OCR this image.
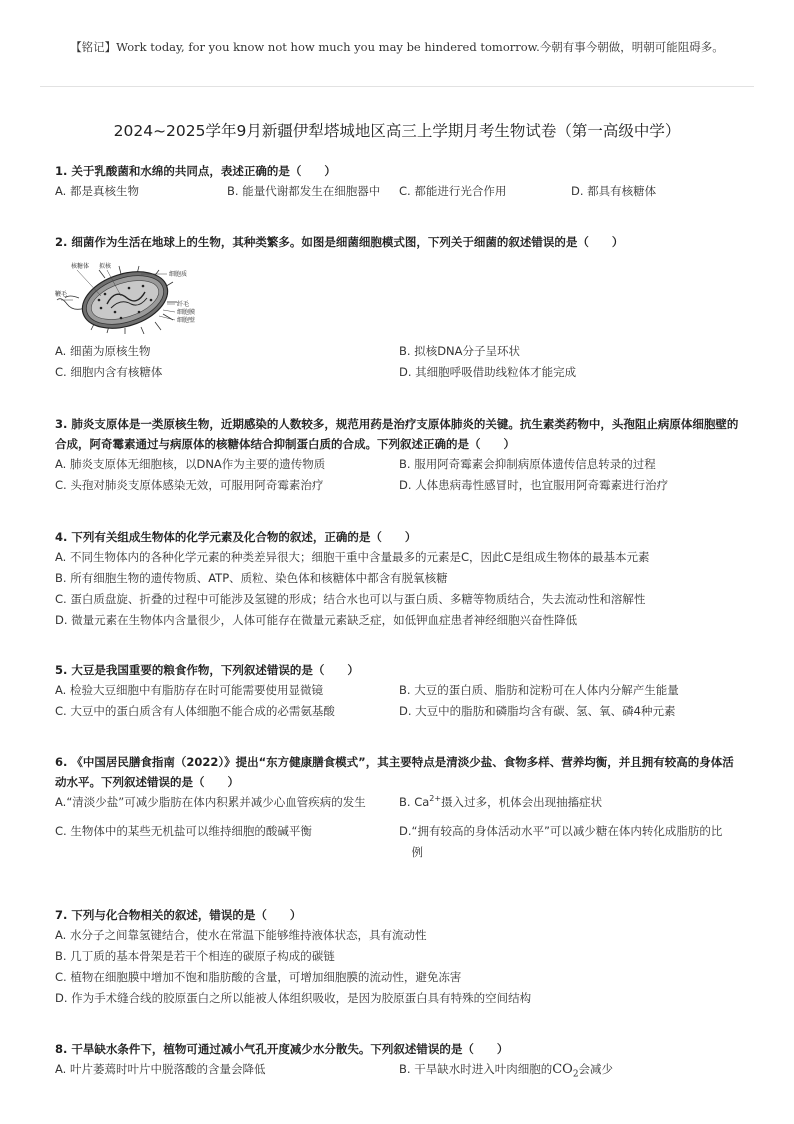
【铭记】Work today, for you know not how much you may be hindered tomorrow.今朝有事今朝做，明朝可能阻碍多。
2024~2025学年9月新疆伊犁塔城地区高三上学期月考生物试卷（第一高级中学）
1. 关于乳酸菌和水绵的共同点，表述正确的是（　　）
A. 都是真核生物	B. 能量代谢都发生在细胞器中	C. 都能进行光合作用	D. 都具有核糖体
2. 细菌作为生活在地球上的生物，其种类繁多。如图是细菌细胞模式图，下列关于细菌的叙述错误的是（　　）
核糖体 拟核
细胞质
鞭毛
纤毛
细胞膜
细胞壁
A. 细菌为原核生物	B. 拟核DNA分子呈环状
C. 细胞内含有核糖体	D. 其细胞呼吸借助线粒体才能完成
3. 肺炎支原体是一类原核生物，近期感染的人数较多，规范用药是治疗支原体肺炎的关键。抗生素类药物中，头孢阻止病原体细胞壁的合成，阿奇霉素通过与病原体的核糖体结合抑制蛋白质的合成。下列叙述正确的是（　　）
A. 肺炎支原体无细胞核，以DNA作为主要的遗传物质	B. 服用阿奇霉素会抑制病原体遗传信息转录的过程
C. 头孢对肺炎支原体感染无效，可服用阿奇霉素治疗	D. 人体患病毒性感冒时，也宜服用阿奇霉素进行治疗
4. 下列有关组成生物体的化学元素及化合物的叙述，正确的是（　　）
A. 不同生物体内的各种化学元素的种类差异很大；细胞干重中含量最多的元素是C，因此C是组成生物体的最基本元素
B. 所有细胞生物的遗传物质、ATP、质粒、染色体和核糖体中都含有脱氧核糖
C. 蛋白质盘旋、折叠的过程中可能涉及氢键的形成；结合水也可以与蛋白质、多糖等物质结合，失去流动性和溶解性
D. 微量元素在生物体内含量很少，人体可能存在微量元素缺乏症，如低钾血症患者神经细胞兴奋性降低
5. 大豆是我国重要的粮食作物，下列叙述错误的是（　　）
A. 检验大豆细胞中有脂肪存在时可能需要使用显微镜	B. 大豆的蛋白质、脂肪和淀粉可在人体内分解产生能量
C. 大豆中的蛋白质含有人体细胞不能合成的必需氨基酸	D. 大豆中的脂肪和磷脂均含有碳、氢、氧、磷4种元素
6. 《中国居民膳食指南（2022）》提出“东方健康膳食模式”，其主要特点是清淡少盐、食物多样、营养均衡，并且拥有较高的身体活动水平。下列叙述错误的是（　　）
A. “清淡少盐”可减少脂肪在体内积累并减少心血管疾病的发生	B. $Ca^{2+}$摄入过多，机体会出现抽搐症状
C. 生物体中的某些无机盐可以维持细胞的酸碱平衡	D. “拥有较高的身体活动水平”可以减少糖在体内转化成脂肪的比例
7. 下列与化合物相关的叙述，错误的是（　　）
A. 水分子之间靠氢键结合，使水在常温下能够维持液体状态，具有流动性
B. 几丁质的基本骨架是若干个相连的碳原子构成的碳链
C. 植物在细胞膜中增加不饱和脂肪酸的含量，可增加细胞膜的流动性，避免冻害
D. 作为手术缝合线的胶原蛋白之所以能被人体组织吸收，是因为胶原蛋白具有特殊的空间结构
8. 干旱缺水条件下，植物可通过减小气孔开度减少水分散失。下列叙述错误的是（　　）
A. 叶片萎蔫时叶片中脱落酸的含量会降低	B. 干旱缺水时进入叶肉细胞的$CO_2$会减少
